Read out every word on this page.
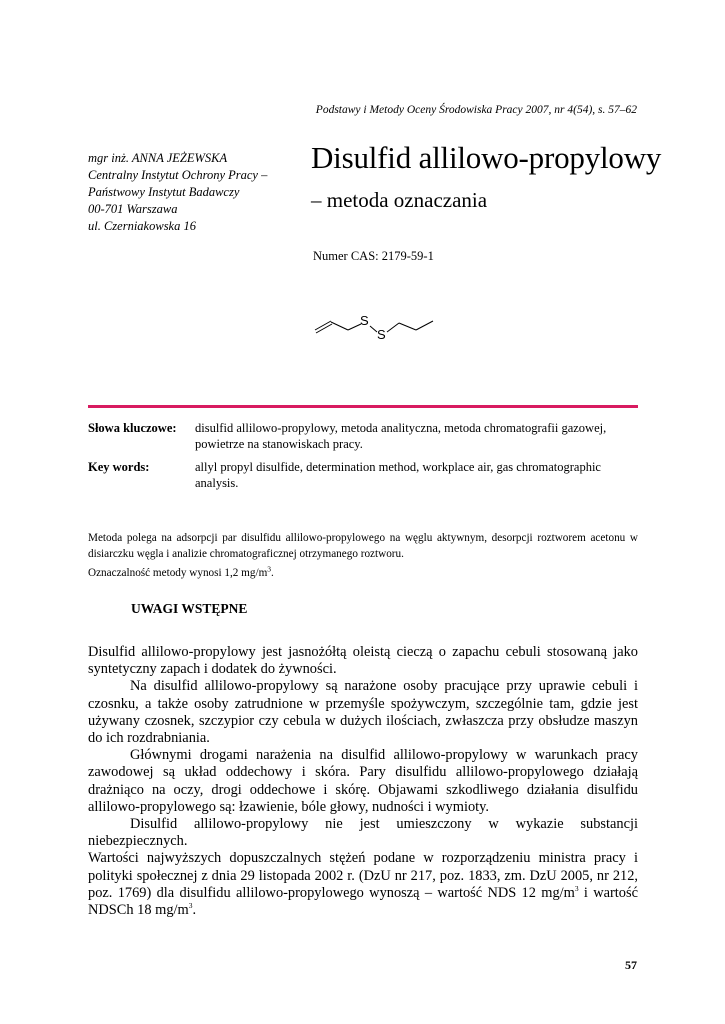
Podstawy i Metody Oceny Środowiska Pracy 2007, nr 4(54), s. 57–62
mgr inż. ANNA JEŻEWSKA
Centralny Instytut Ochrony Pracy –
Państwowy Instytut Badawczy
00-701 Warszawa
ul. Czerniakowska 16
Disulfid allilowo-propylowy
– metoda oznaczania
Numer CAS: 2179-59-1
S
S
Słowa kluczowe: disulfid allilowo-propylowy, metoda analityczna, metoda chromatografii gazowej, powietrze na stanowiskach pracy.
Key words:	allyl propyl disulfide, determination method, workplace air, gas chromatographic analysis.
Metoda polega na adsorpcji par disulfidu allilowo-propylowego na węglu aktywnym, desorpcji roztworem acetonu w disiarczku węgla i analizie chromatograficznej otrzymanego roztworu.
Oznaczalność metody wynosi 1,2 $mg/m^3$.
UWAGI WSTĘPNE

Disulfid allilowo-propylowy jest jasnożółtą oleistą cieczą o zapachu cebuli stosowaną jako syntetyczny zapach i dodatek do żywności.

Na disulfid allilowo-propylowy są narażone osoby pracujące przy uprawie cebuli i czosnku, a także osoby zatrudnione w przemyśle spożywczym, szczególnie tam, gdzie jest używany czosnek, szczypior czy cebula w dużych ilościach, zwłaszcza przy obsłudze maszyn do ich rozdrabniania.

Głównymi drogami narażenia na disulfid allilowo-propylowy w warunkach pracy zawodowej są układ oddechowy i skóra. Pary disulfidu allilowo-propylowego działają drażniąco na oczy, drogi oddechowe i skórę. Objawami szkodliwego działania disulfidu allilowo-propylowego są: łzawienie, bóle głowy, nudności i wymioty.

Disulfid allilowo-propylowy nie jest umieszczony w wykazie substancji niebezpiecznych.

Wartości najwyższych dopuszczalnych stężeń podane w rozporządzeniu ministra pracy i polityki społecznej z dnia 29 listopada 2002 r. (DzU nr 217, poz. 1833, zm. DzU 2005, nr 212, poz. 1769) dla disulfidu allilowo-propylowego wynoszą – wartość NDS 12 $mg/m^3$ i wartość NDSCh 18 $mg/m^3$.

57
